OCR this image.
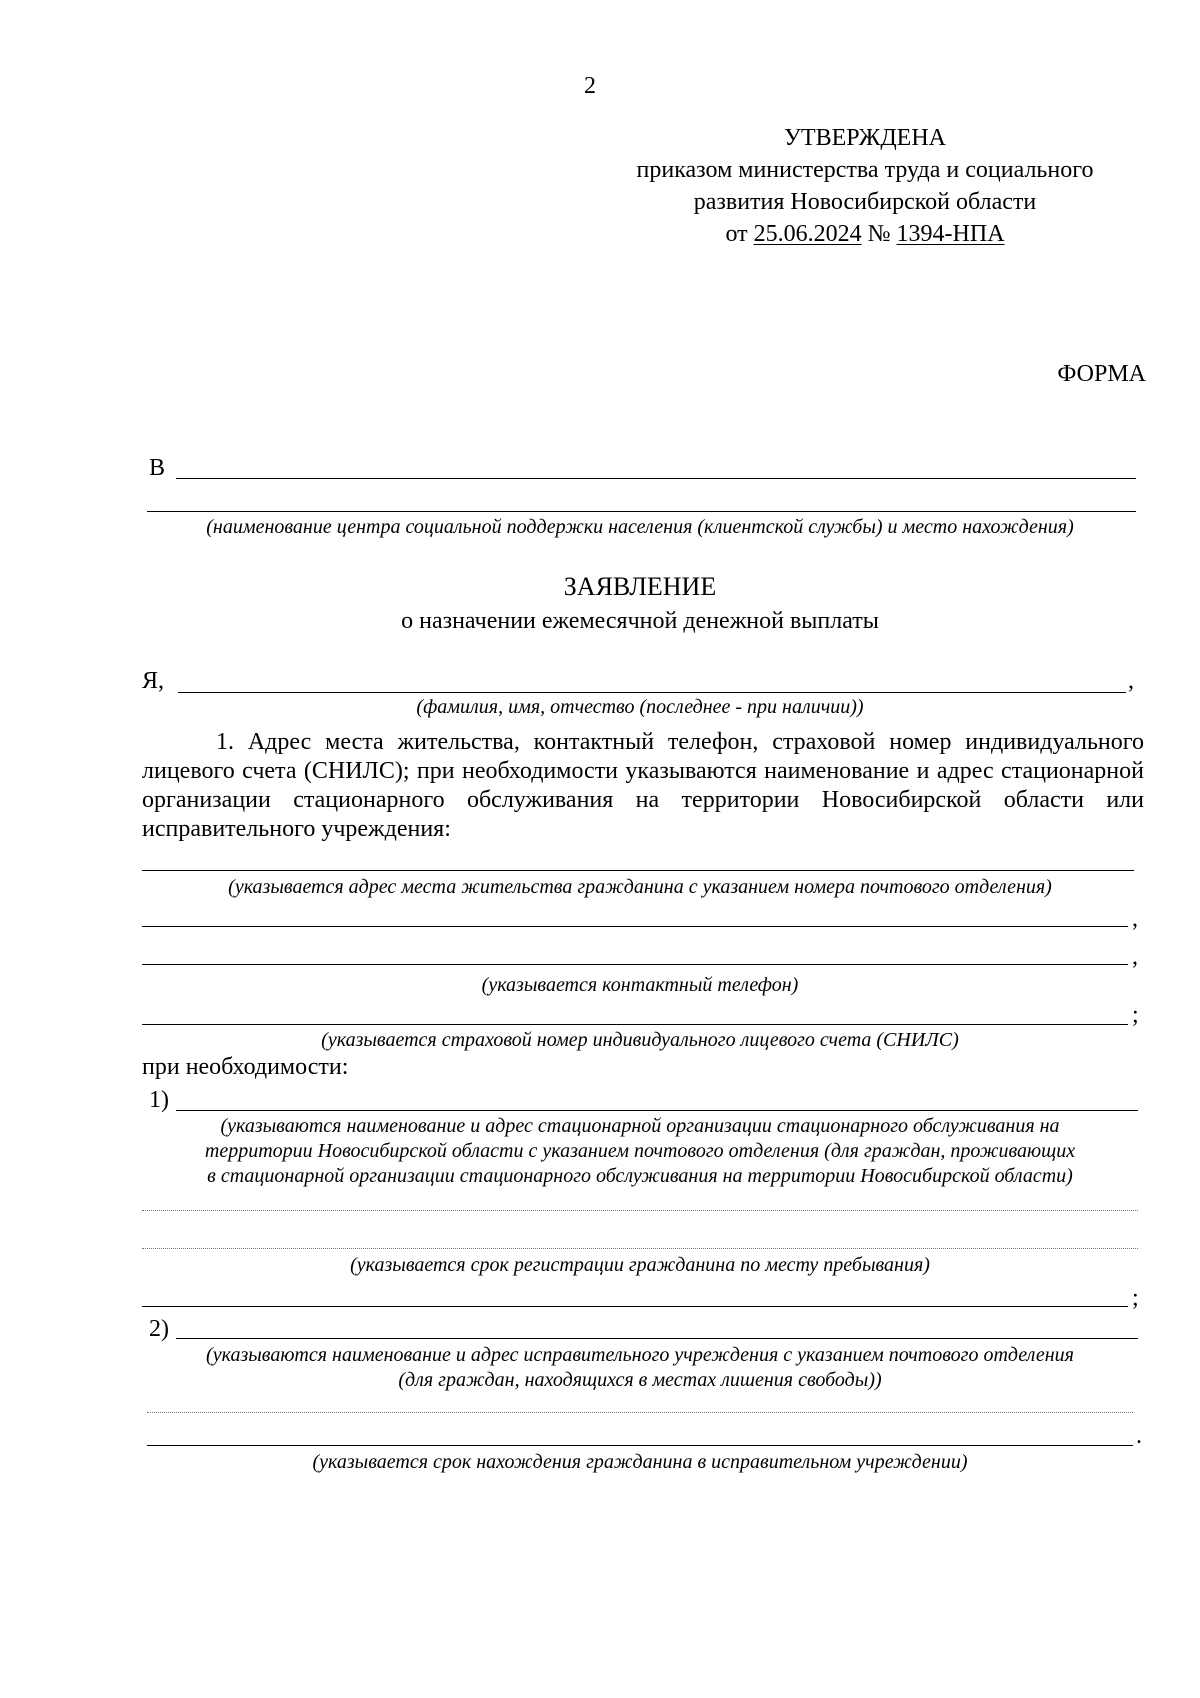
2
УТВЕРЖДЕНА
приказом министерства труда и социального
развития Новосибирской области
от 25.06.2024 № 1394-НПА
ФОРМА
В
(наименование центра социальной поддержки населения (клиентской службы) и место нахождения)
ЗАЯВЛЕНИЕ
о назначении ежемесячной денежной выплаты
Я,	,
(фамилия, имя, отчество (последнее - при наличии))
1. Адрес места жительства, контактный телефон, страховой номер индивидуального
лицевого счета (СНИЛС); при необходимости указываются наименование и адрес стационарной
организации стационарного обслуживания на территории Новосибирской области или
исправительного учреждения:
(указывается адрес места жительства гражданина с указанием номера почтового отделения)
,
,
(указывается контактный телефон)
;
(указывается страховой номер индивидуального лицевого счета (СНИЛС)
при необходимости:
1)
(указываются наименование и адрес стационарной организации стационарного обслуживания на
территории Новосибирской области с указанием почтового отделения (для граждан, проживающих
в стационарной организации стационарного обслуживания на территории Новосибирской области)
(указывается срок регистрации гражданина по месту пребывания)
;
2)
(указываются наименование и адрес исправительного учреждения с указанием почтового отделения
(для граждан, находящихся в местах лишения свободы))
.
(указывается срок нахождения гражданина в исправительном учреждении)
